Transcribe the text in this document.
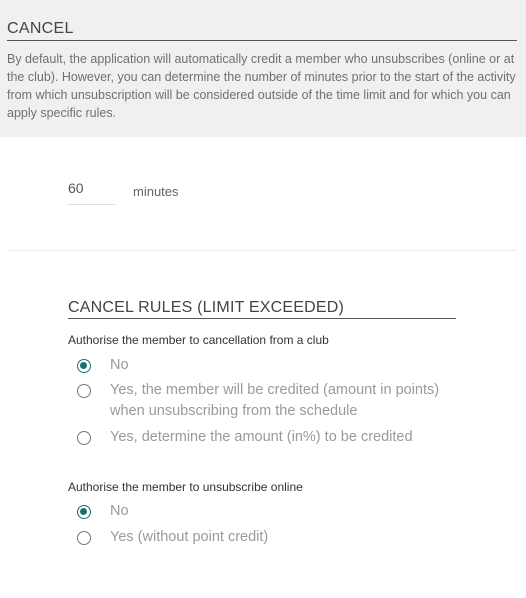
CANCEL
By default, the application will automatically credit a member who unsubscribes (online or at the club). However, you can determine the number of minutes prior to the start of the activity from which unsubscription will be considered outside of the time limit and for which you can apply specific rules.
60
minutes
CANCEL RULES (LIMIT EXCEEDED)
Authorise the member to cancellation from a club
No
Yes, the member will be credited (amount in points) when unsubscribing from the schedule
Yes, determine the amount (in%) to be credited
Authorise the member to unsubscribe online
No
Yes (without point credit)
